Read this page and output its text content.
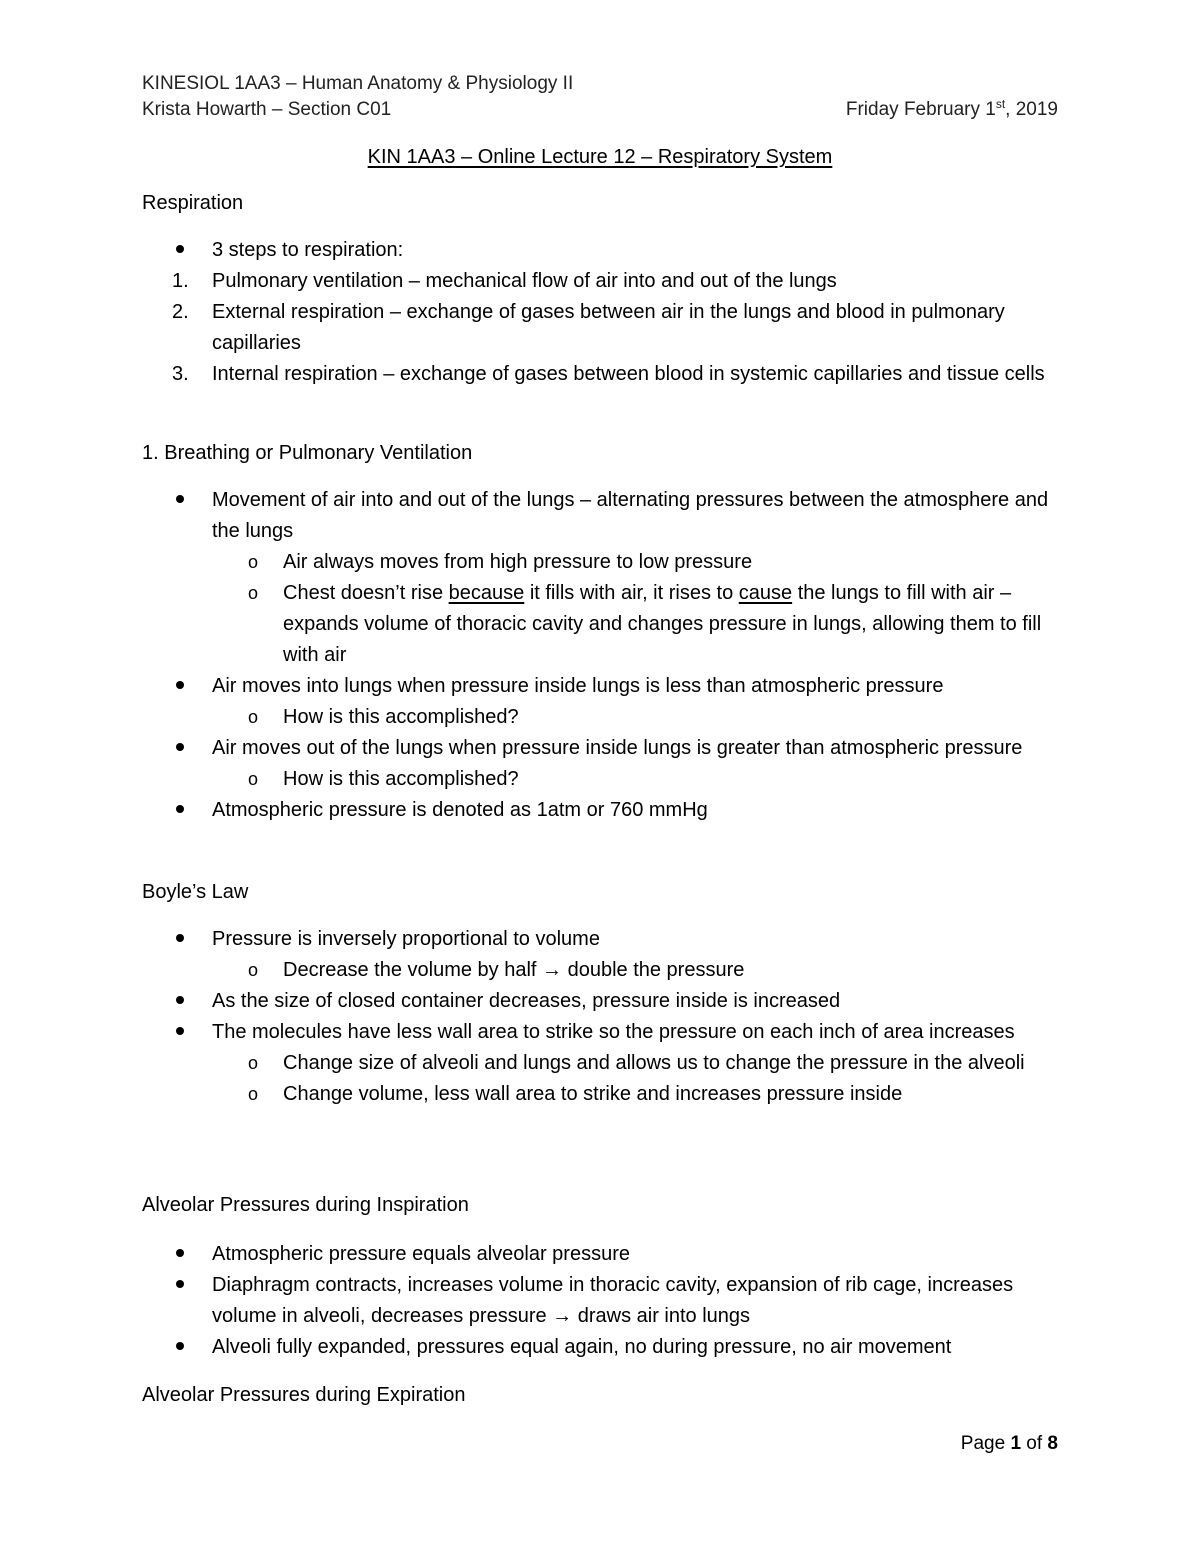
KINESIOL 1AA3 – Human Anatomy & Physiology II
Krista Howarth – Section C01	Friday February 1st, 2019
KIN 1AA3 – Online Lecture 12 – Respiratory System
Respiration
3 steps to respiration:
1. Pulmonary ventilation – mechanical flow of air into and out of the lungs
2. External respiration – exchange of gases between air in the lungs and blood in pulmonary capillaries
3. Internal respiration – exchange of gases between blood in systemic capillaries and tissue cells
1. Breathing or Pulmonary Ventilation
Movement of air into and out of the lungs – alternating pressures between the atmosphere and the lungs
o Air always moves from high pressure to low pressure
o Chest doesn’t rise because it fills with air, it rises to cause the lungs to fill with air – expands volume of thoracic cavity and changes pressure in lungs, allowing them to fill with air
Air moves into lungs when pressure inside lungs is less than atmospheric pressure
o How is this accomplished?
Air moves out of the lungs when pressure inside lungs is greater than atmospheric pressure
o How is this accomplished?
Atmospheric pressure is denoted as 1atm or 760 mmHg
Boyle’s Law
Pressure is inversely proportional to volume
o Decrease the volume by half → double the pressure
As the size of closed container decreases, pressure inside is increased
The molecules have less wall area to strike so the pressure on each inch of area increases
o Change size of alveoli and lungs and allows us to change the pressure in the alveoli
o Change volume, less wall area to strike and increases pressure inside
Alveolar Pressures during Inspiration
Atmospheric pressure equals alveolar pressure
Diaphragm contracts, increases volume in thoracic cavity, expansion of rib cage, increases volume in alveoli, decreases pressure → draws air into lungs
Alveoli fully expanded, pressures equal again, no during pressure, no air movement
Alveolar Pressures during Expiration
Page 1 of 8
